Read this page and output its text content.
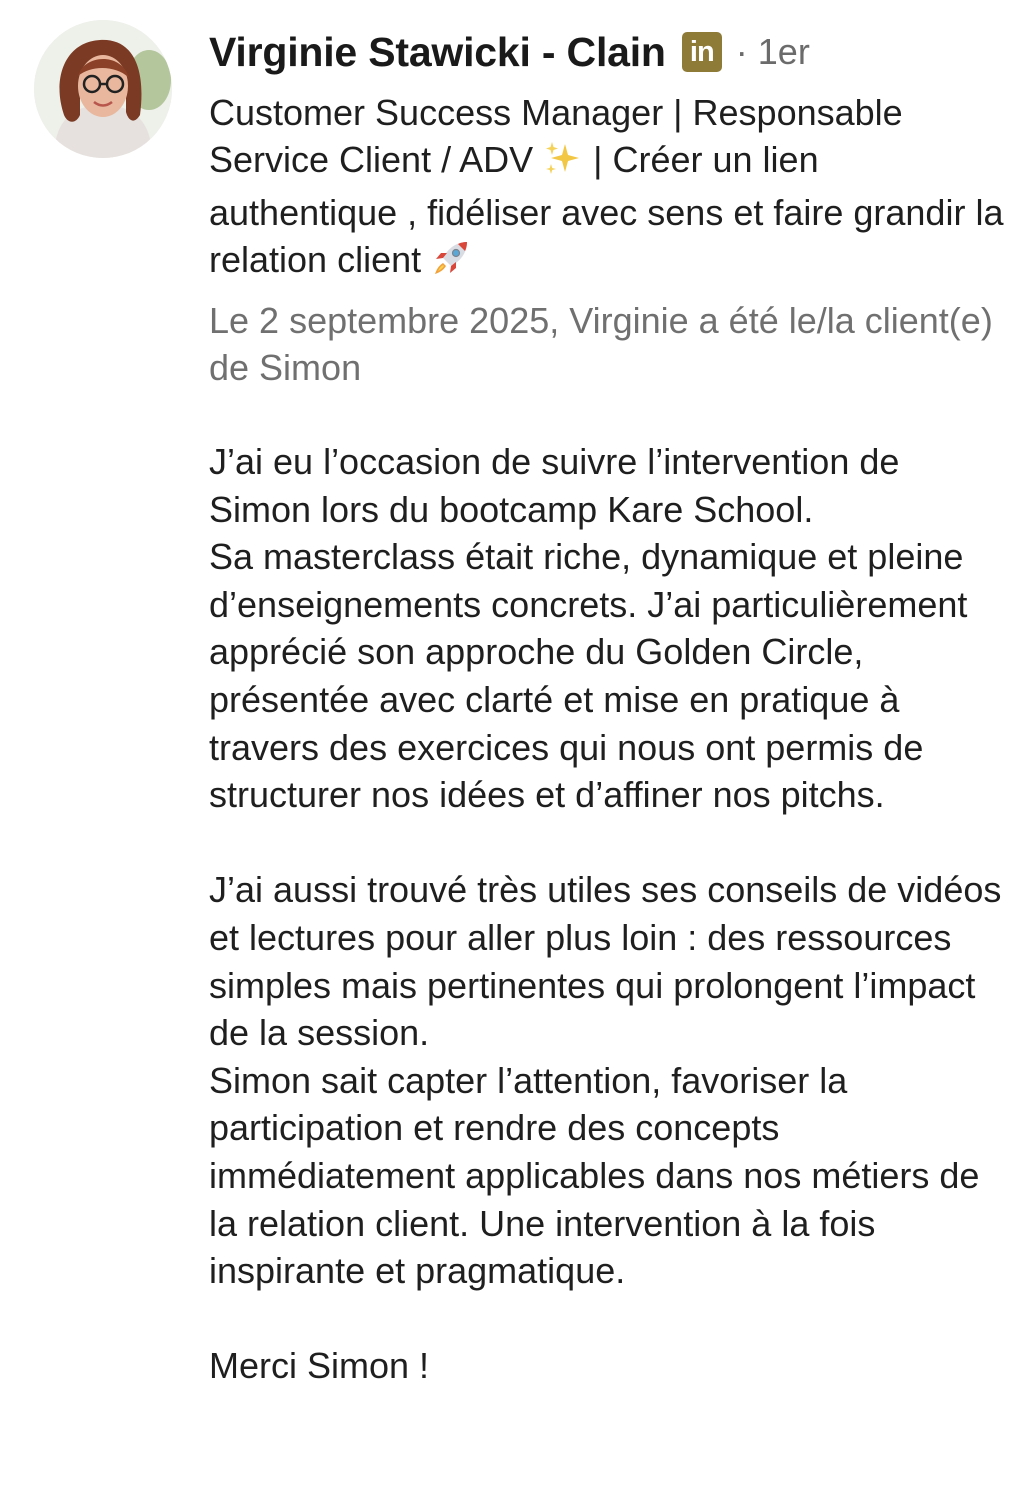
Virginie Stawicki - Clain in · 1er
Customer Success Manager | Responsable Service Client / ADV  | Créer un lien authentique , fidéliser avec sens et faire grandir la relation client
Le 2 septembre 2025, Virginie a été le/la client(e) de Simon
J’ai eu l’occasion de suivre l’intervention de Simon lors du bootcamp Kare School.
Sa masterclass était riche, dynamique et pleine d’enseignements concrets. J’ai particulièrement apprécié son approche du Golden Circle, présentée avec clarté et mise en pratique à travers des exercices qui nous ont permis de structurer nos idées et d’affiner nos pitchs.

J’ai aussi trouvé très utiles ses conseils de vidéos et lectures pour aller plus loin : des ressources simples mais pertinentes qui prolongent l’impact de la session.
Simon sait capter l’attention, favoriser la participation et rendre des concepts immédiatement applicables dans nos métiers de la relation client. Une intervention à la fois inspirante et pragmatique.

Merci Simon !
